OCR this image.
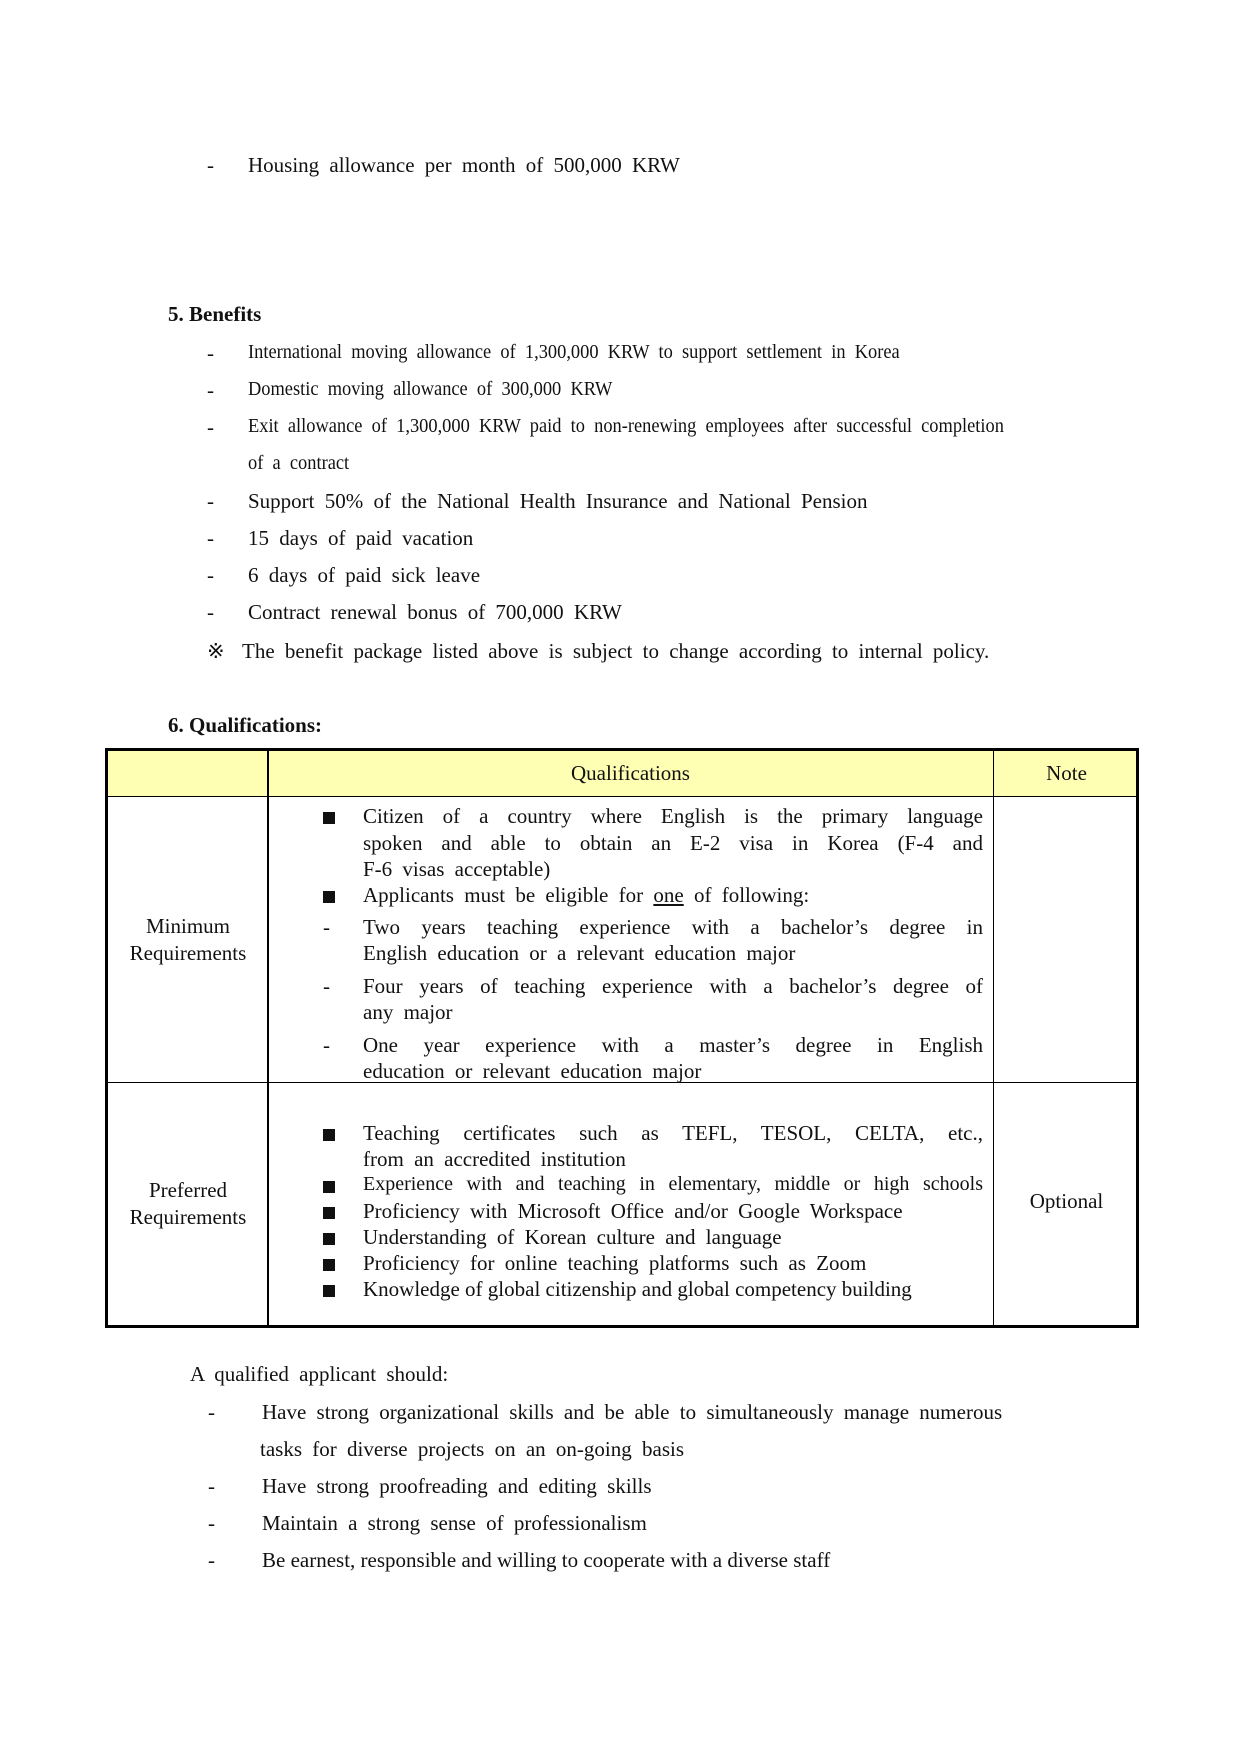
- Housing allowance per month of 500,000 KRW
5. Benefits
- International moving allowance of 1,300,000 KRW to support settlement in Korea
- Domestic moving allowance of 300,000 KRW
- Exit allowance of 1,300,000 KRW paid to non-renewing employees after successful completion
of a contract
- Support 50% of the National Health Insurance and National Pension
- 15 days of paid vacation
- 6 days of paid sick leave
- Contract renewal bonus of 700,000 KRW
※ The benefit package listed above is subject to change according to internal policy.
6. Qualifications:
Qualifications	Note
Minimum
Requirements
Citizen of a country where English is the primary language
spoken and able to obtain an E-2 visa in Korea (F-4 and
F-6 visas acceptable)
Applicants must be eligible for one of following:
- Two years teaching experience with a bachelor’s degree in
English education or a relevant education major
- Four years of teaching experience with a bachelor’s degree of
any major
- One year experience with a master’s degree in English
education or relevant education major
Preferred
Requirements
Teaching certificates such as TEFL, TESOL, CELTA, etc.,
from an accredited institution
Experience with and teaching in elementary, middle or high schools
Proficiency with Microsoft Office and/or Google Workspace
Understanding of Korean culture and language
Proficiency for online teaching platforms such as Zoom
Knowledge of global citizenship and global competency building
Optional
A qualified applicant should:
- Have strong organizational skills and be able to simultaneously manage numerous
tasks for diverse projects on an on-going basis
- Have strong proofreading and editing skills
- Maintain a strong sense of professionalism
- Be earnest, responsible and willing to cooperate with a diverse staff
